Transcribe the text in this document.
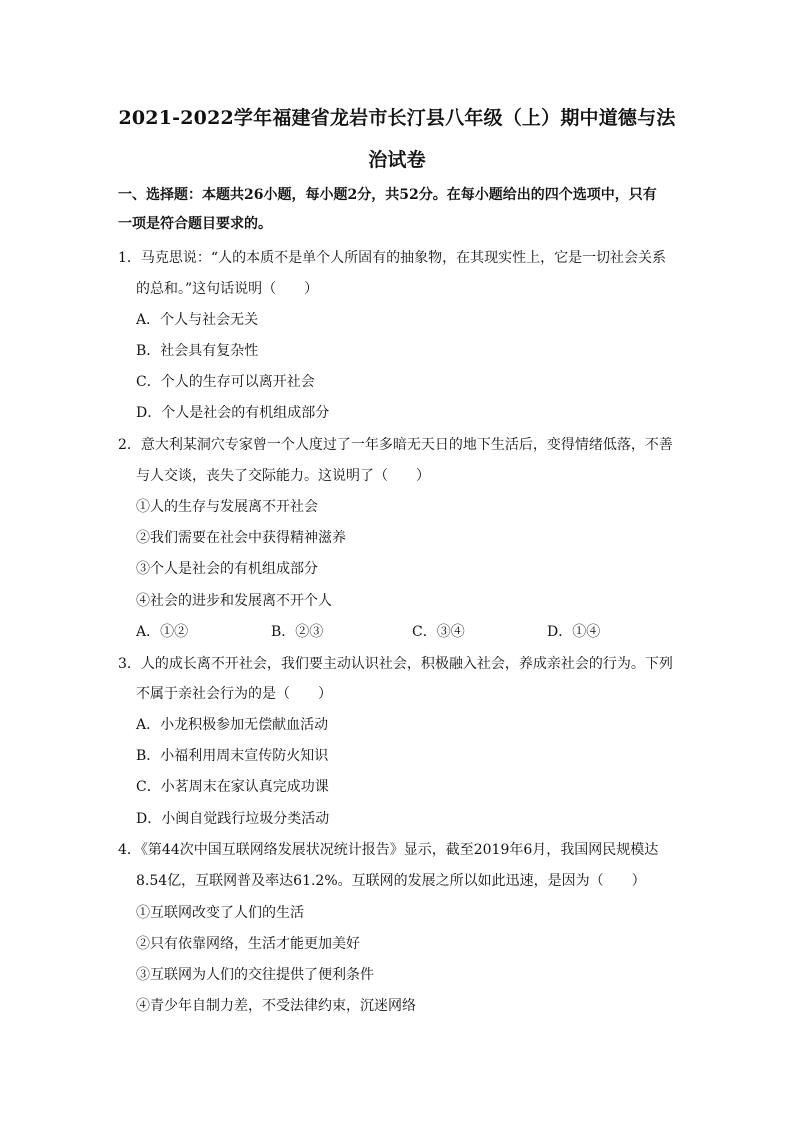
2021-2022学年福建省龙岩市长汀县八年级（上）期中道德与法
治试卷
一、选择题：本题共26小题，每小题2分，共52分。在每小题给出的四个选项中，只有
一项是符合题目要求的。
1．马克思说：“人的本质不是单个人所固有的抽象物，在其现实性上，它是一切社会关系
的总和。”这句话说明（　　）
A．个人与社会无关
B．社会具有复杂性
C．个人的生存可以离开社会
D．个人是社会的有机组成部分
2．意大利某洞穴专家曾一个人度过了一年多暗无天日的地下生活后，变得情绪低落，不善
与人交谈，丧失了交际能力。这说明了（　　）
①人的生存与发展离不开社会
②我们需要在社会中获得精神滋养
③个人是社会的有机组成部分
④社会的进步和发展离不开个人
A．①②	B．②③	C．③④	D．①④
3．人的成长离不开社会，我们要主动认识社会，积极融入社会，养成亲社会的行为。下列
不属于亲社会行为的是（　　）
A．小龙积极参加无偿献血活动
B．小福利用周末宣传防火知识
C．小茗周末在家认真完成功课
D．小闽自觉践行垃圾分类活动
4．《第44次中国互联网络发展状况统计报告》显示，截至2019年6月，我国网民规模达
8.54亿，互联网普及率达61.2%。互联网的发展之所以如此迅速，是因为（　　）
①互联网改变了人们的生活
②只有依靠网络，生活才能更加美好
③互联网为人们的交往提供了便利条件
④青少年自制力差，不受法律约束，沉迷网络
